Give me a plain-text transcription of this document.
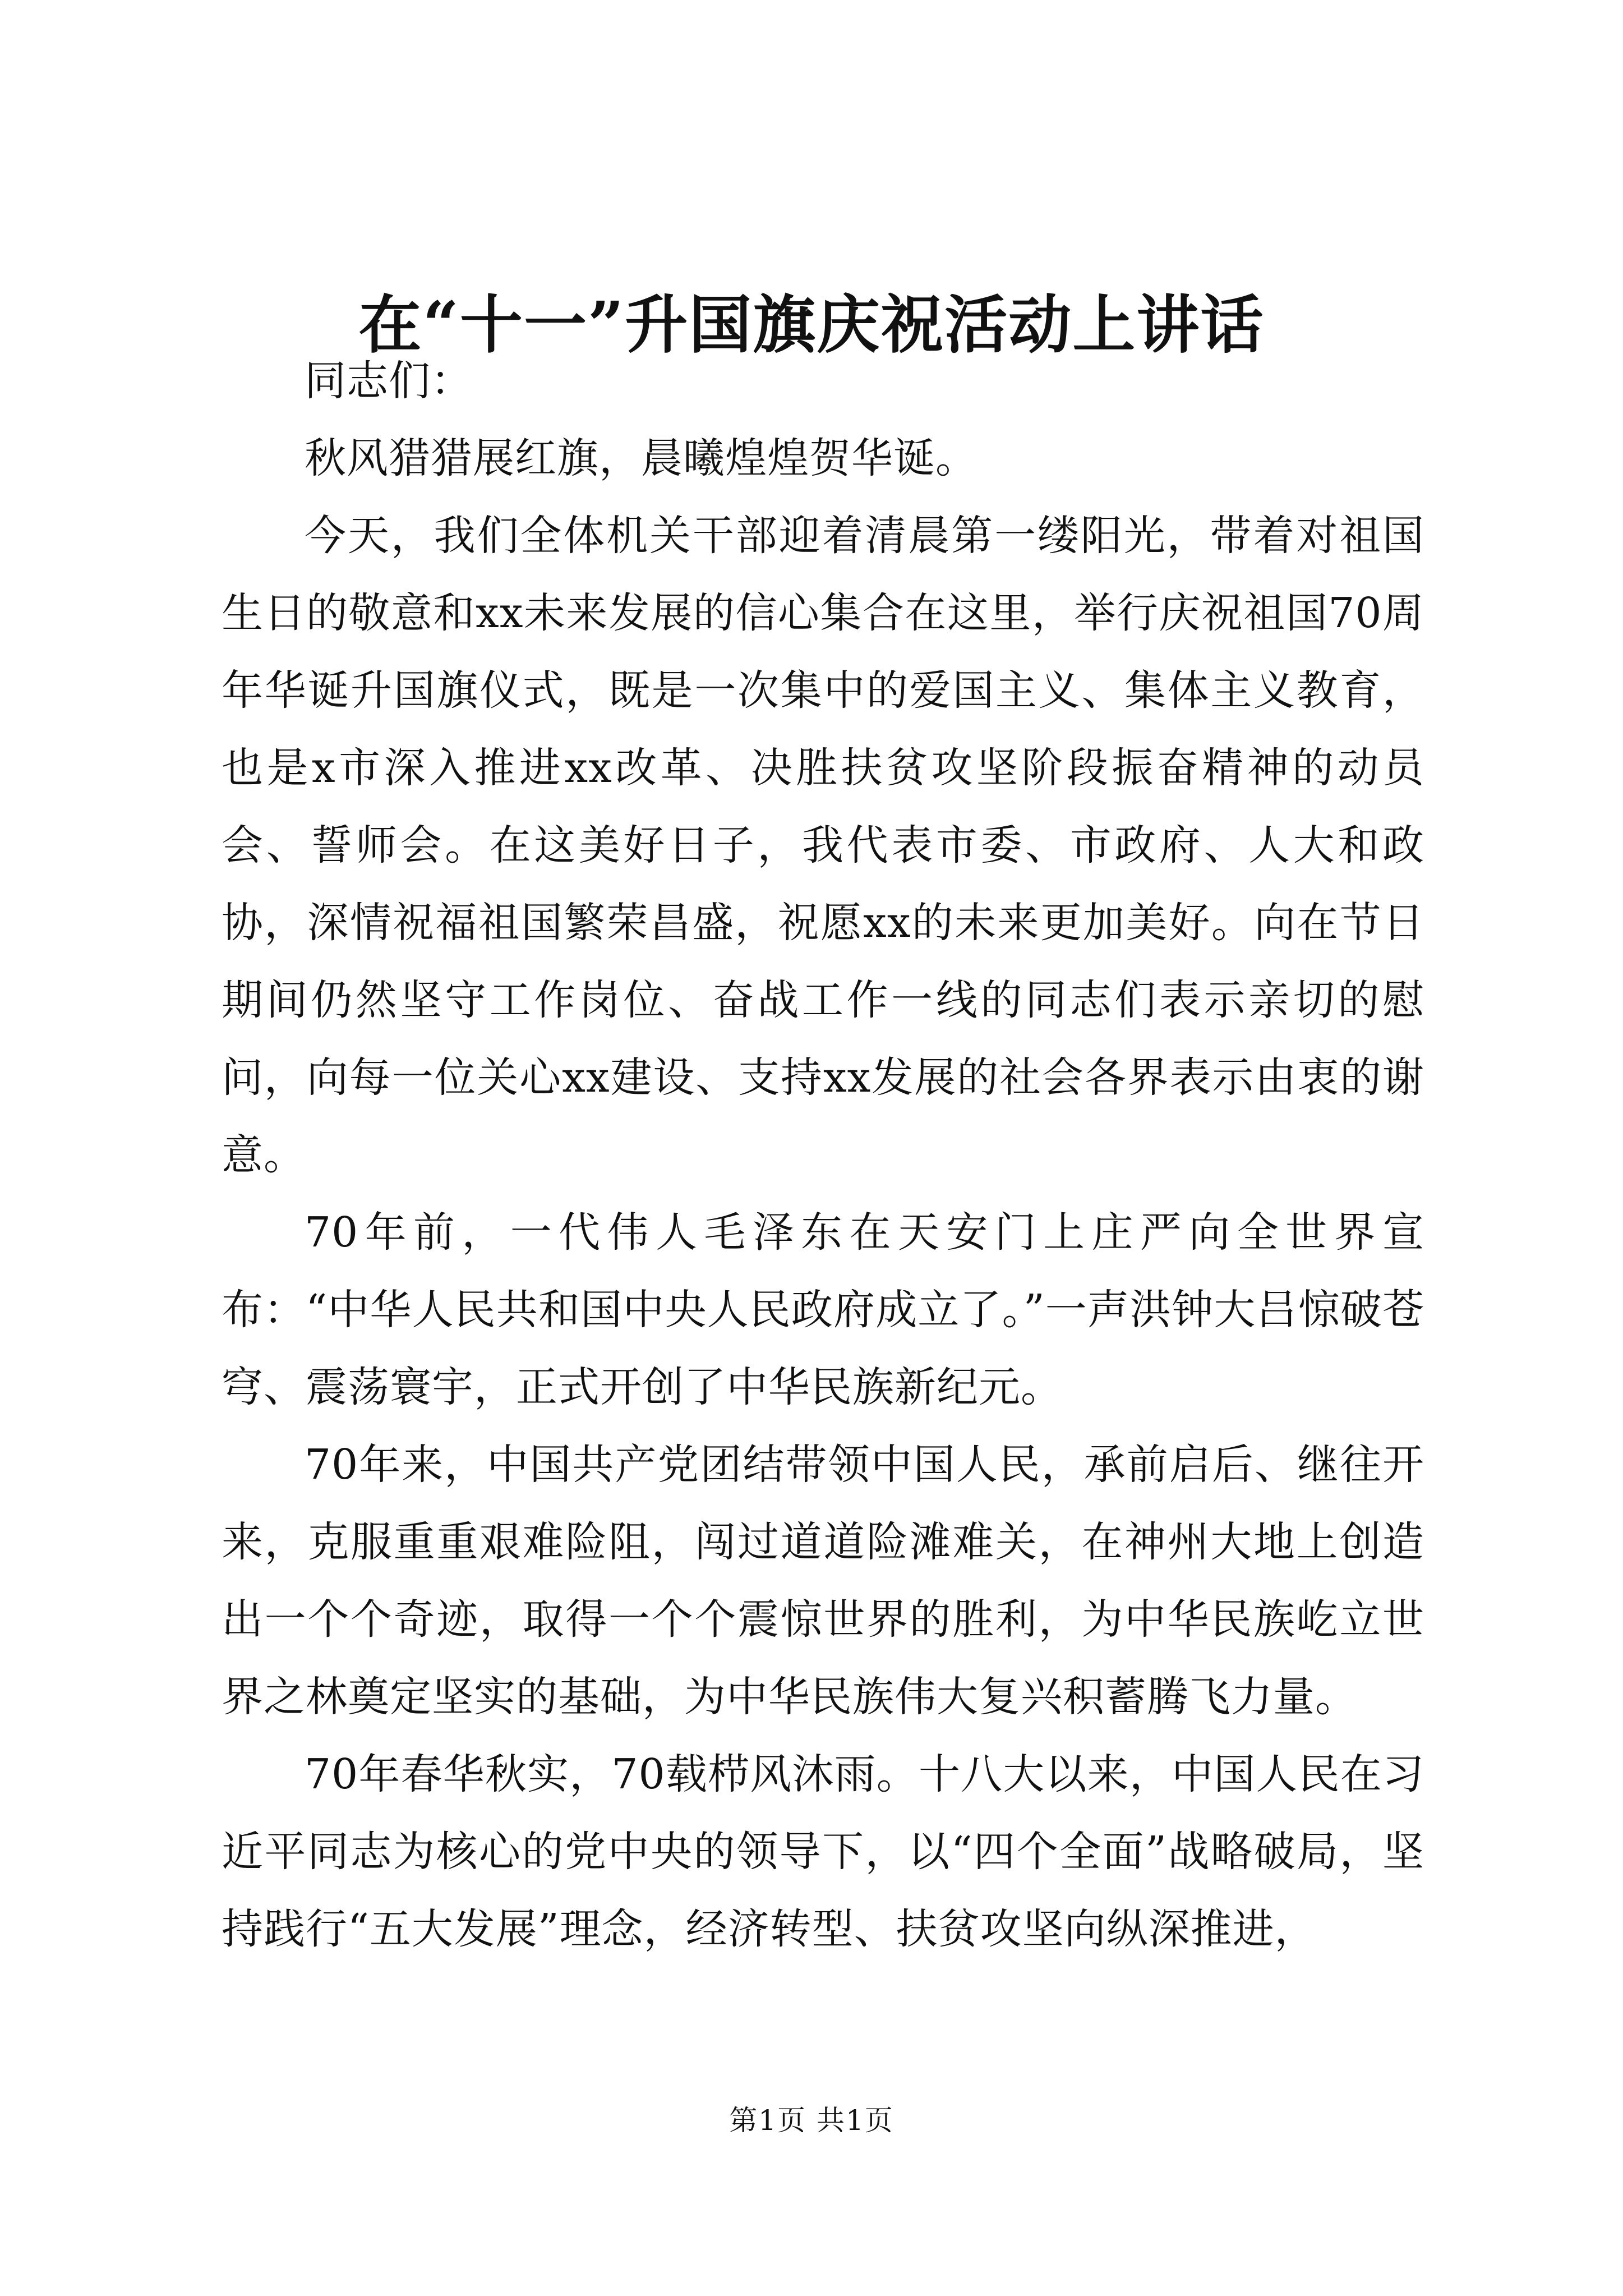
在“十一”升国旗庆祝活动上讲话

同志们：

秋风猎猎展红旗，晨曦煌煌贺华诞。

今天，我们全体机关干部迎着清晨第一缕阳光，带着对祖国生日的敬意和xx未来发展的信心集合在这里，举行庆祝祖国70周年华诞升国旗仪式，既是一次集中的爱国主义、集体主义教育，也是x市深入推进xx改革、决胜扶贫攻坚阶段振奋精神的动员会、誓师会。在这美好日子，我代表市委、市政府、人大和政协，深情祝福祖国繁荣昌盛，祝愿xx的未来更加美好。向在节日期间仍然坚守工作岗位、奋战工作一线的同志们表示亲切的慰问，向每一位关心xx建设、支持xx发展的社会各界表示由衷的谢意。

70年前，一代伟人毛泽东在天安门上庄严向全世界宣布：“中华人民共和国中央人民政府成立了。”一声洪钟大吕惊破苍穹、震荡寰宇，正式开创了中华民族新纪元。

70年来，中国共产党团结带领中国人民，承前启后、继往开来，克服重重艰难险阻，闯过道道险滩难关，在神州大地上创造出一个个奇迹，取得一个个震惊世界的胜利，为中华民族屹立世界之林奠定坚实的基础，为中华民族伟大复兴积蓄腾飞力量。

70年春华秋实，70载栉风沐雨。十八大以来，中国人民在习近平同志为核心的党中央的领导下，以“四个全面”战略破局，坚持践行“五大发展”理念，经济转型、扶贫攻坚向纵深推进，

第1页 共1页
